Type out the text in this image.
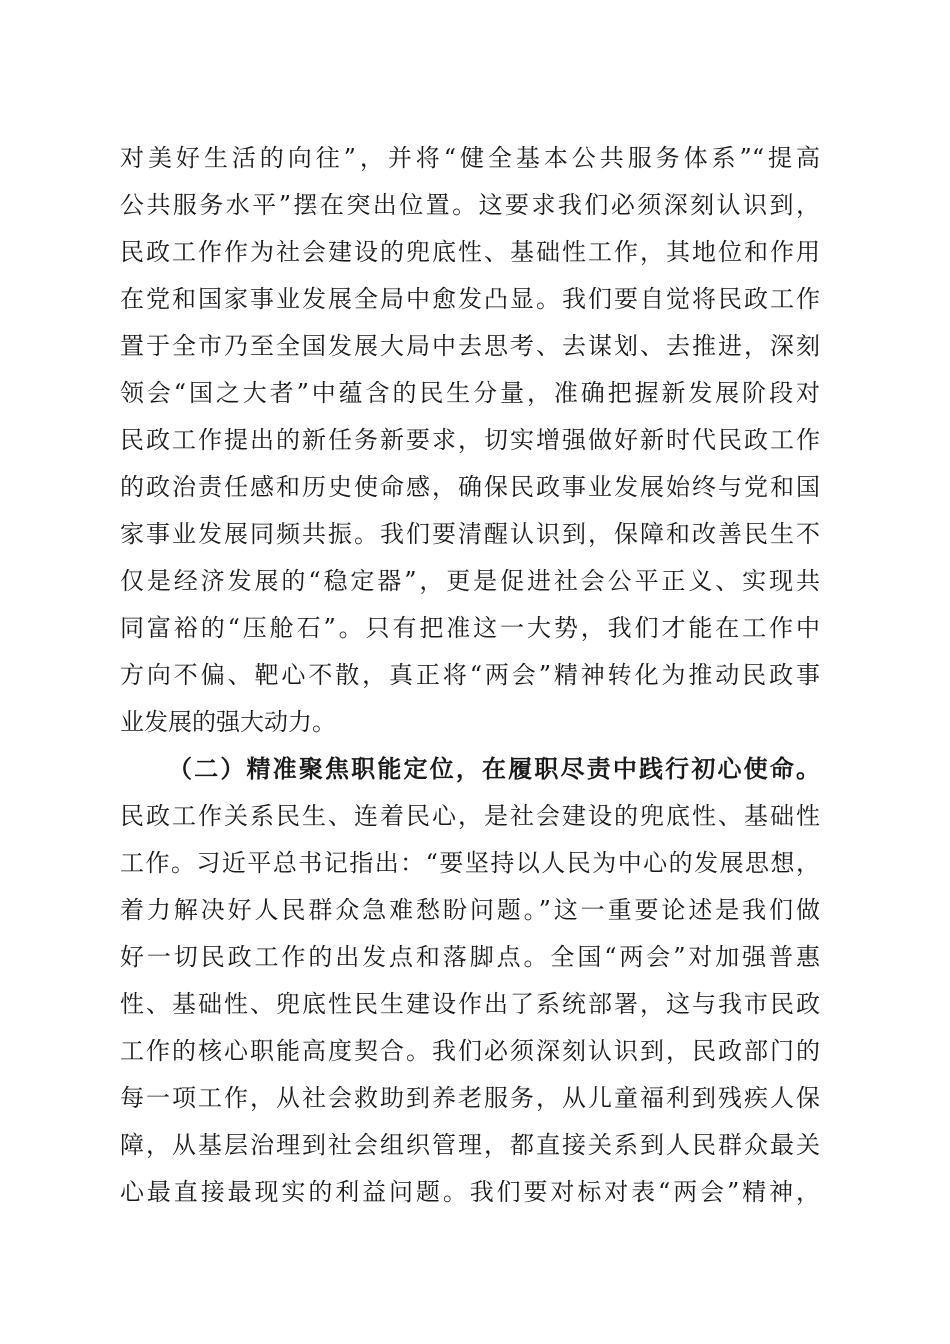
对美好生活的向往”，并将“健全基本公共服务体系”“提高
公共服务水平”摆在突出位置。这要求我们必须深刻认识到，
民政工作作为社会建设的兜底性、基础性工作，其地位和作用
在党和国家事业发展全局中愈发凸显。我们要自觉将民政工作
置于全市乃至全国发展大局中去思考、去谋划、去推进，深刻
领会“国之大者”中蕴含的民生分量，准确把握新发展阶段对
民政工作提出的新任务新要求，切实增强做好新时代民政工作
的政治责任感和历史使命感，确保民政事业发展始终与党和国
家事业发展同频共振。我们要清醒认识到，保障和改善民生不
仅是经济发展的“稳定器”，更是促进社会公平正义、实现共
同富裕的“压舱石”。只有把准这一大势，我们才能在工作中
方向不偏、靶心不散，真正将“两会”精神转化为推动民政事
业发展的强大动力。
（二）精准聚焦职能定位，在履职尽责中践行初心使命。
民政工作关系民生、连着民心，是社会建设的兜底性、基础性
工作。习近平总书记指出：“要坚持以人民为中心的发展思想，
着力解决好人民群众急难愁盼问题。”这一重要论述是我们做
好一切民政工作的出发点和落脚点。全国“两会”对加强普惠
性、基础性、兜底性民生建设作出了系统部署，这与我市民政
工作的核心职能高度契合。我们必须深刻认识到，民政部门的
每一项工作，从社会救助到养老服务，从儿童福利到残疾人保
障，从基层治理到社会组织管理，都直接关系到人民群众最关
心最直接最现实的利益问题。我们要对标对表“两会”精神，
